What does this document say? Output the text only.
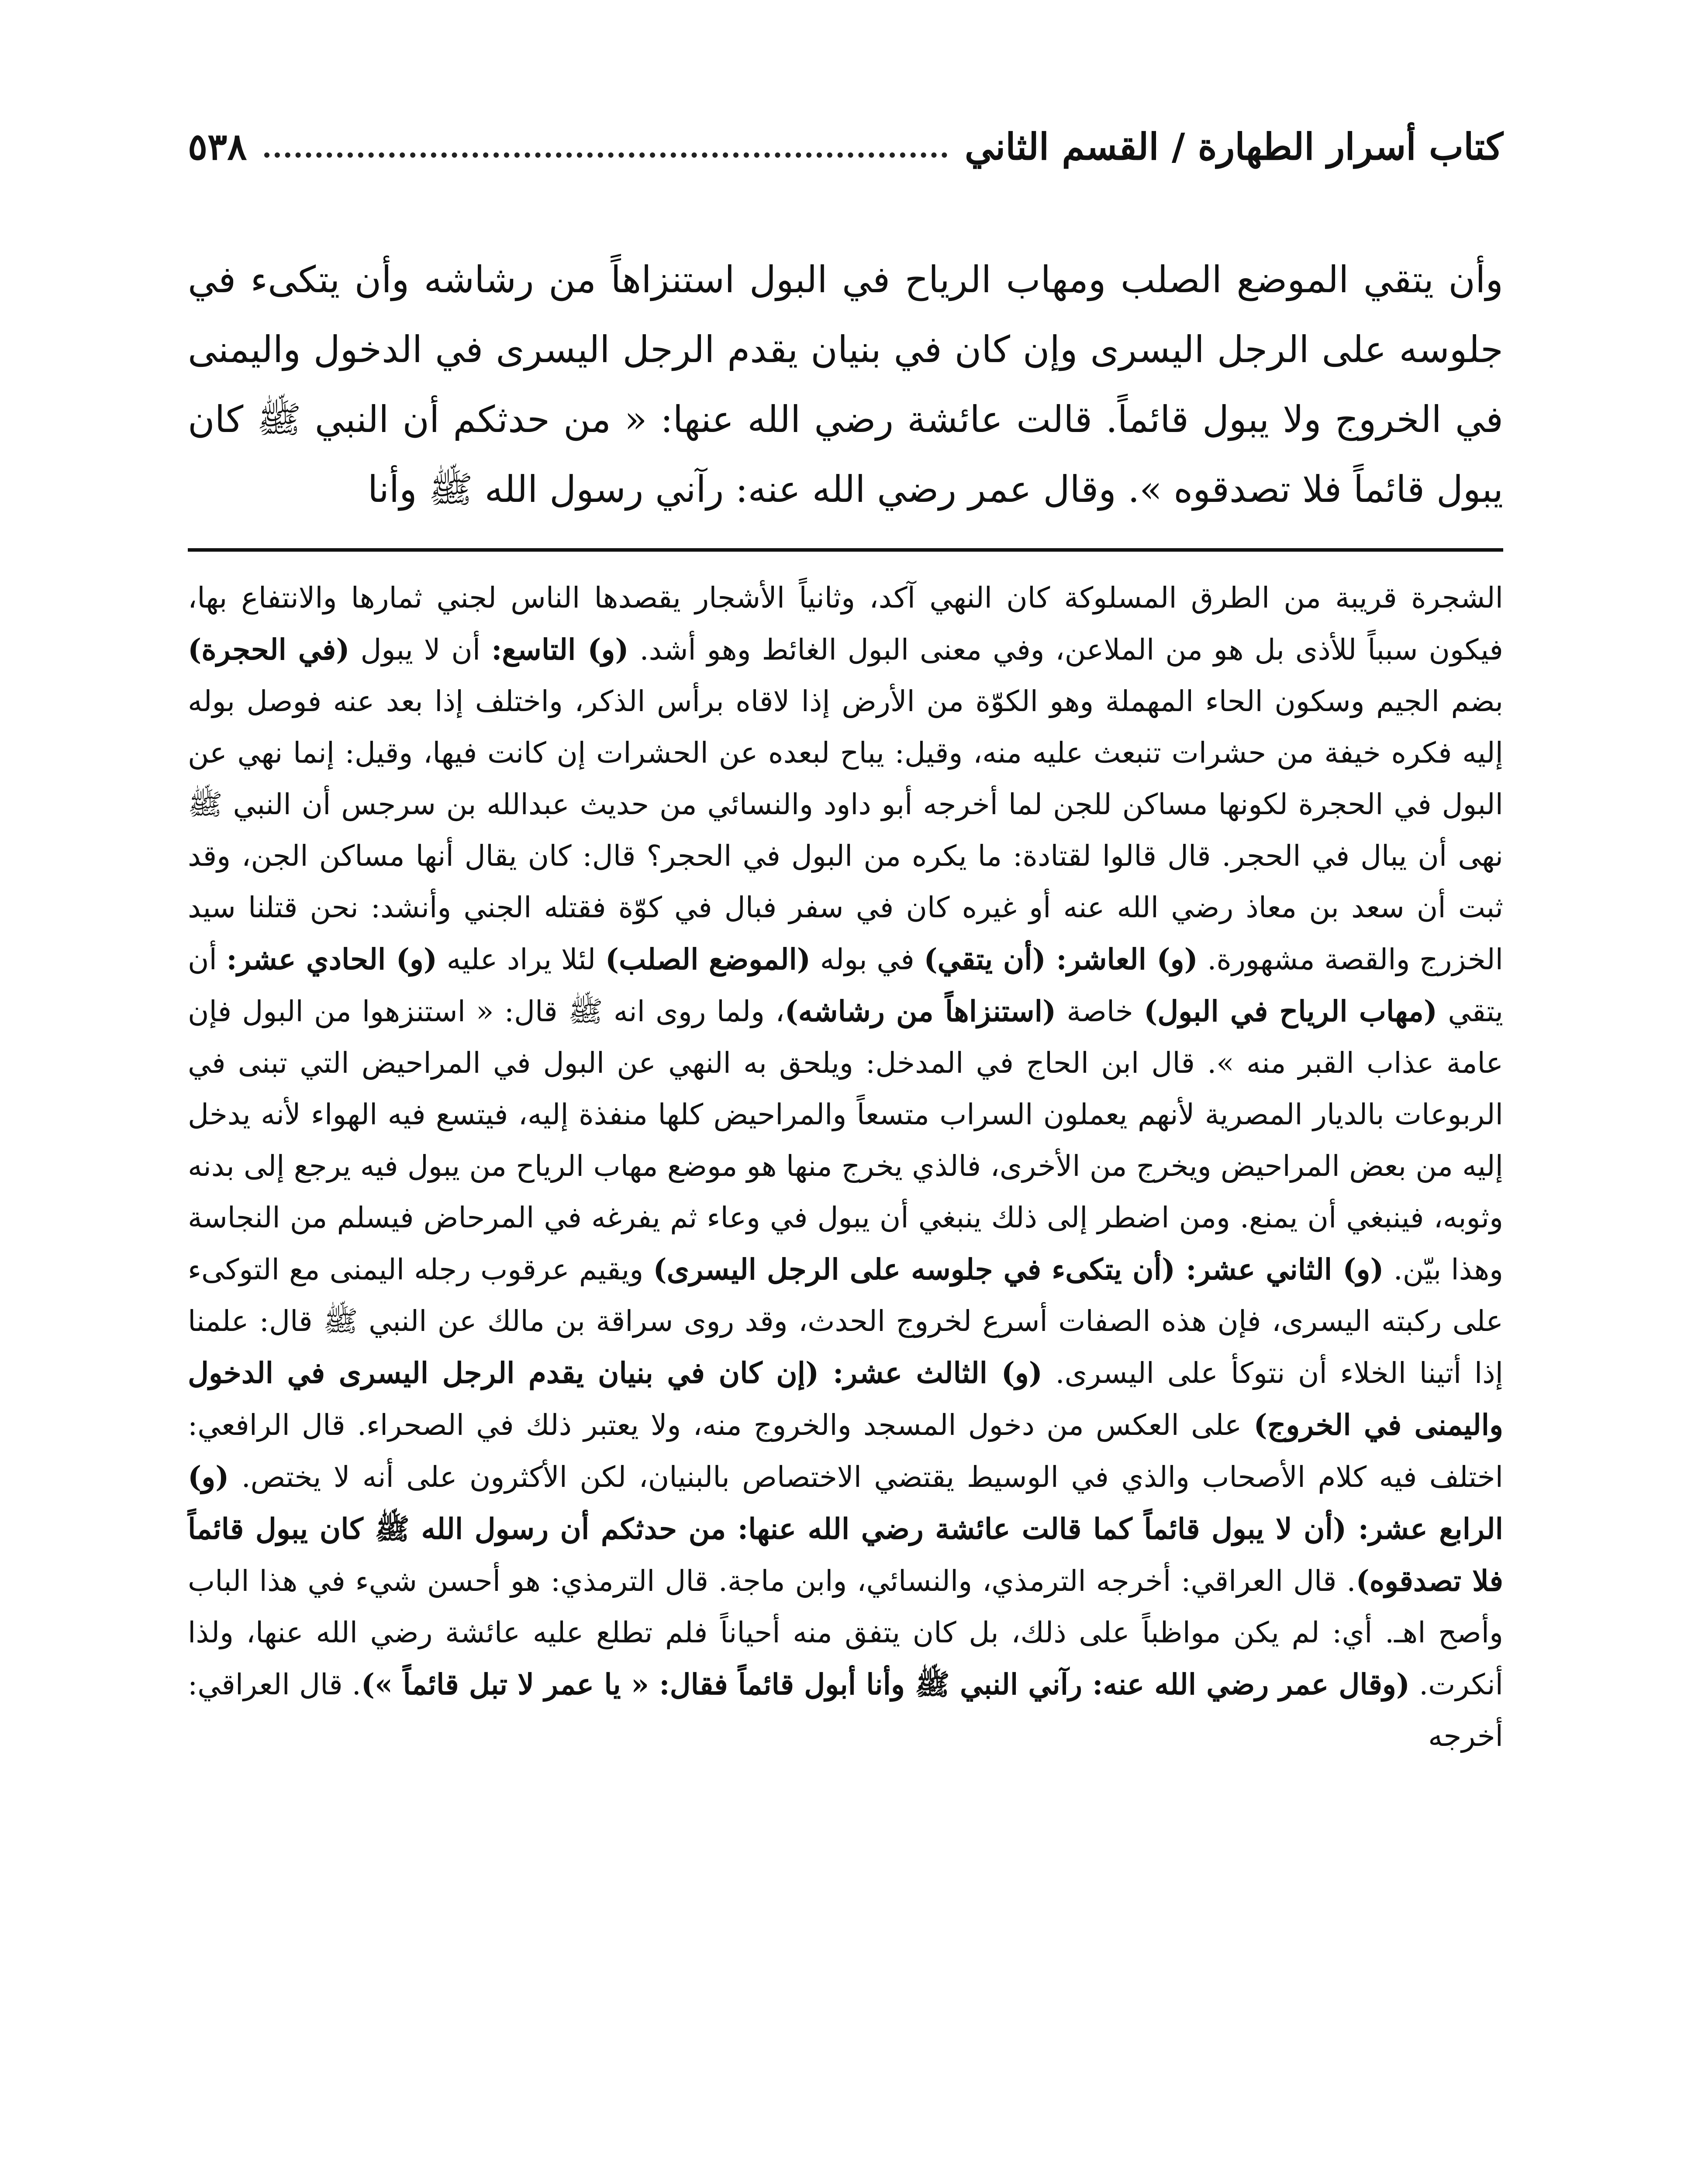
كتاب أسرار الطهارة / القسم الثاني
٥٣٨

وأن يتقي الموضع الصلب ومهاب الرياح في البول استنزاهاً من رشاشه وأن يتكىء في جلوسه على الرجل اليسرى وإن كان في بنيان يقدم الرجل اليسرى في الدخول واليمنى في الخروج ولا يبول قائماً. قالت عائشة رضي الله عنها: « من حدثكم أن النبي ﷺ كان يبول قائماً فلا تصدقوه ». وقال عمر رضي الله عنه: رآني رسول الله ﷺ وأنا

الشجرة قريبة من الطرق المسلوكة كان النهي آكد، وثانياً الأشجار يقصدها الناس لجني ثمارها والانتفاع بها، فيكون سبباً للأذى بل هو من الملاعن، وفي معنى البول الغائط وهو أشد. (و) التاسع: أن لا يبول (في الحجرة) بضم الجيم وسكون الحاء المهملة وهو الكوّة من الأرض إذا لاقاه برأس الذكر، واختلف إذا بعد عنه فوصل بوله إليه فكره خيفة من حشرات تنبعث عليه منه، وقيل: يباح لبعده عن الحشرات إن كانت فيها، وقيل: إنما نهي عن البول في الحجرة لكونها مساكن للجن لما أخرجه أبو داود والنسائي من حديث عبدالله بن سرجس أن النبي ﷺ نهى أن يبال في الحجر. قال قالوا لقتادة: ما يكره من البول في الحجر؟ قال: كان يقال أنها مساكن الجن، وقد ثبت أن سعد بن معاذ رضي الله عنه أو غيره كان في سفر فبال في كوّة فقتله الجني وأنشد: نحن قتلنا سيد الخزرج والقصة مشهورة. (و) العاشر: (أن يتقي) في بوله (الموضع الصلب) لئلا يراد عليه (و) الحادي عشر: أن يتقي (مهاب الرياح في البول) خاصة (استنزاهاً من رشاشه)، ولما روى انه ﷺ قال: « استنزهوا من البول فإن عامة عذاب القبر منه ». قال ابن الحاج في المدخل: ويلحق به النهي عن البول في المراحيض التي تبنى في الربوعات بالديار المصرية لأنهم يعملون السراب متسعاً والمراحيض كلها منفذة إليه، فيتسع فيه الهواء لأنه يدخل إليه من بعض المراحيض ويخرج من الأخرى، فالذي يخرج منها هو موضع مهاب الرياح من يبول فيه يرجع إلى بدنه وثوبه، فينبغي أن يمنع. ومن اضطر إلى ذلك ينبغي أن يبول في وعاء ثم يفرغه في المرحاض فيسلم من النجاسة وهذا بيّن. (و) الثاني عشر: (أن يتكىء في جلوسه على الرجل اليسرى) ويقيم عرقوب رجله اليمنى مع التوكىء على ركبته اليسرى، فإن هذه الصفات أسرع لخروج الحدث، وقد روى سراقة بن مالك عن النبي ﷺ قال: علمنا إذا أتينا الخلاء أن نتوكأ على اليسرى. (و) الثالث عشر: (إن كان في بنيان يقدم الرجل اليسرى في الدخول واليمنى في الخروج) على العكس من دخول المسجد والخروج منه، ولا يعتبر ذلك في الصحراء. قال الرافعي: اختلف فيه كلام الأصحاب والذي في الوسيط يقتضي الاختصاص بالبنيان، لكن الأكثرون على أنه لا يختص. (و) الرابع عشر: (أن لا يبول قائماً كما قالت عائشة رضي الله عنها: من حدثكم أن رسول الله ﷺ كان يبول قائماً فلا تصدقوه). قال العراقي: أخرجه الترمذي، والنسائي، وابن ماجة. قال الترمذي: هو أحسن شيء في هذا الباب وأصح اهـ. أي: لم يكن مواظباً على ذلك، بل كان يتفق منه أحياناً فلم تطلع عليه عائشة رضي الله عنها، ولذا أنكرت. (وقال عمر رضي الله عنه: رآني النبي ﷺ وأنا أبول قائماً فقال: « يا عمر لا تبل قائماً »). قال العراقي: أخرجه
